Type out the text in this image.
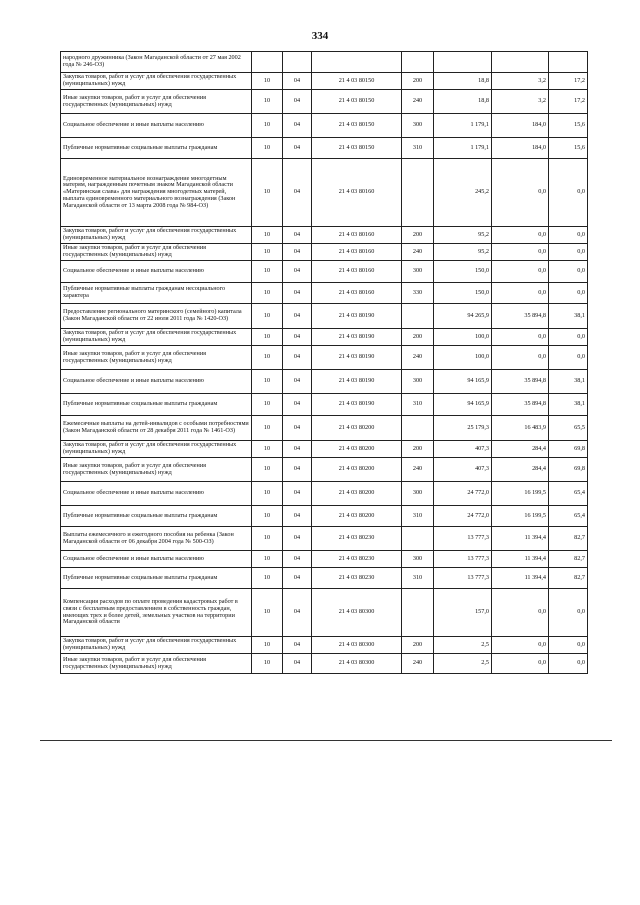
334
народного дружинника (Закон Магаданской области от 27 мая 2002 года № 246-ОЗ)							
Закупка товаров, работ и услуг для обеспечения государственных (муниципальных) нужд	10	04	21 4 03 80150	200	18,8	3,2	17,2
Иные закупки товаров, работ и услуг для обеспечения государственных (муниципальных) нужд	10	04	21 4 03 80150	240	18,8	3,2	17,2
Социальное обеспечение и иные выплаты населению	10	04	21 4 03 80150	300	1 179,1	184,0	15,6
Публичные нормативные социальные выплаты гражданам	10	04	21 4 03 80150	310	1 179,1	184,0	15,6
Единовременное материальное вознаграждение многодетным матерям, награжденным почетным знаком Магаданской области «Материнская слава» для награждения многодетных матерей, выплата единовременного материального вознаграждения (Закон Магаданской области от 13 марта 2008 года № 984-ОЗ)	10	04	21 4 03 80160		245,2	0,0	0,0
Закупка товаров, работ и услуг для обеспечения государственных (муниципальных) нужд	10	04	21 4 03 80160	200	95,2	0,0	0,0
Иные закупки товаров, работ и услуг для обеспечения государственных (муниципальных) нужд	10	04	21 4 03 80160	240	95,2	0,0	0,0
Социальное обеспечение и иные выплаты населению	10	04	21 4 03 80160	300	150,0	0,0	0,0
Публичные нормативные выплаты гражданам несоциального характера	10	04	21 4 03 80160	330	150,0	0,0	0,0
Предоставление регионального материнского (семейного) капитала (Закон Магаданской области от 22 июля 2011 года № 1420-ОЗ)	10	04	21 4 03 80190		94 265,9	35 894,8	38,1
Закупка товаров, работ и услуг для обеспечения государственных (муниципальных) нужд	10	04	21 4 03 80190	200	100,0	0,0	0,0
Иные закупки товаров, работ и услуг для обеспечения государственных (муниципальных) нужд	10	04	21 4 03 80190	240	100,0	0,0	0,0
Социальное обеспечение и иные выплаты населению	10	04	21 4 03 80190	300	94 165,9	35 894,8	38,1
Публичные нормативные социальные выплаты гражданам	10	04	21 4 03 80190	310	94 165,9	35 894,8	38,1
Ежемесячные выплаты на детей-инвалидов с особыми потребностями (Закон Магаданской области от 28 декабря 2011 года № 1461-ОЗ)	10	04	21 4 03 80200		25 179,3	16 483,9	65,5
Закупка товаров, работ и услуг для обеспечения государственных (муниципальных) нужд	10	04	21 4 03 80200	200	407,3	284,4	69,8
Иные закупки товаров, работ и услуг для обеспечения государственных (муниципальных) нужд	10	04	21 4 03 80200	240	407,3	284,4	69,8
Социальное обеспечение и иные выплаты населению	10	04	21 4 03 80200	300	24 772,0	16 199,5	65,4
Публичные нормативные социальные выплаты гражданам	10	04	21 4 03 80200	310	24 772,0	16 199,5	65,4
Выплаты ежемесячного и ежегодного пособия на ребенка (Закон Магаданской области от 06 декабря 2004 года № 500-ОЗ)	10	04	21 4 03 80230		13 777,3	11 394,4	82,7
Социальное обеспечение и иные выплаты населению	10	04	21 4 03 80230	300	13 777,3	11 394,4	82,7
Публичные нормативные социальные выплаты гражданам	10	04	21 4 03 80230	310	13 777,3	11 394,4	82,7
Компенсация расходов по оплате проведения кадастровых работ в связи с бесплатным предоставлением в собственность граждан, имеющих трех и более детей, земельных участков на территории Магаданской области	10	04	21 4 03 80300		157,0	0,0	0,0
Закупка товаров, работ и услуг для обеспечения государственных (муниципальных) нужд	10	04	21 4 03 80300	200	2,5	0,0	0,0
Иные закупки товаров, работ и услуг для обеспечения государственных (муниципальных) нужд	10	04	21 4 03 80300	240	2,5	0,0	0,0
